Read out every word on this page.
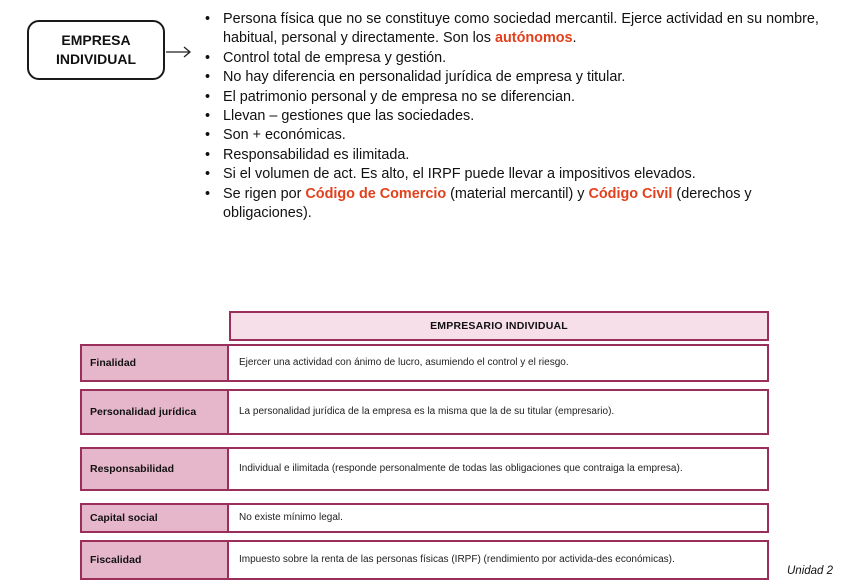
EMPRESA
INDIVIDUAL
• Persona física que no se constituye como sociedad mercantil. Ejerce actividad en su nombre, habitual, personal y directamente. Son los autónomos.
• Control total de empresa y gestión.
• No hay diferencia en personalidad jurídica de empresa y titular.
• El patrimonio personal y de empresa no se diferencian.
• Llevan – gestiones que las sociedades.
• Son + económicas.
• Responsabilidad es ilimitada.
• Si el volumen de act. Es alto, el IRPF puede llevar a impositivos elevados.
• Se rigen por Código de Comercio (material mercantil) y Código Civil (derechos y obligaciones).
EMPRESARIO INDIVIDUAL
Finalidad	Ejercer una actividad con ánimo de lucro, asumiendo el control y el riesgo.
Personalidad jurídica	La personalidad jurídica de la empresa es la misma que la de su titular (empresario).
Responsabilidad	Individual e ilimitada (responde personalmente de todas las obligaciones que contraiga la empresa).
Capital social	No existe mínimo legal.
Fiscalidad	Impuesto sobre la renta de las personas físicas (IRPF) (rendimiento por activida-des económicas).
Unidad 2
